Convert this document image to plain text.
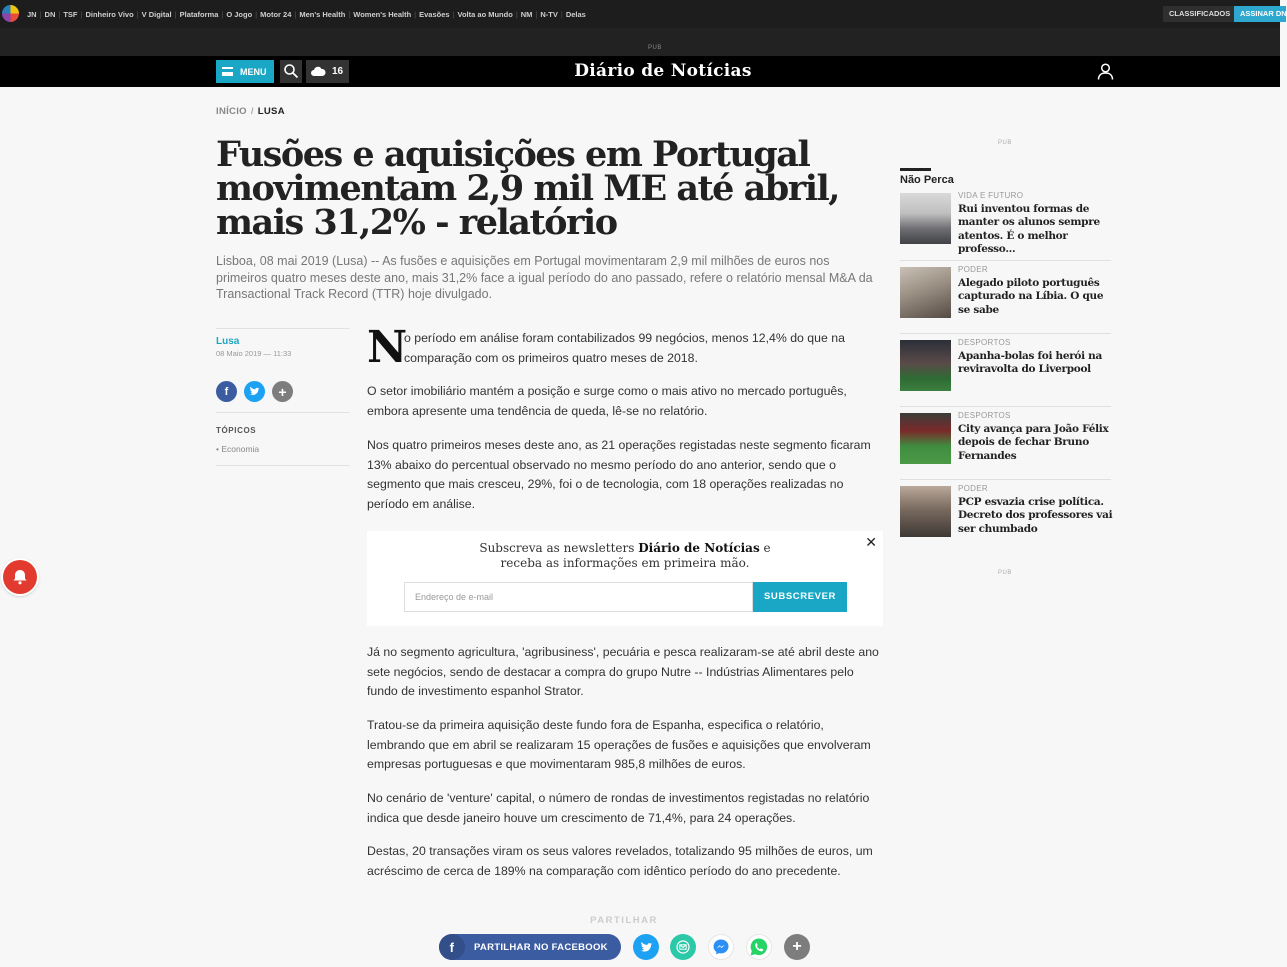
JN | DN | TSF | Dinheiro Vivo | V Digital | Plataforma | O Jogo | Motor 24 | Men's Health | Women's Health | Evasões | Volta ao Mundo | NM | N-TV | Delas	CLASSIFICADOS	ASSINAR DN
PUB
MENU	16	Diário de Notícias
INÍCIO / LUSA
Fusões e aquisições em Portugal movimentam 2,9 mil ME até abril, mais 31,2% - relatório

Lisboa, 08 mai 2019 (Lusa) -- As fusões e aquisições em Portugal movimentaram 2,9 mil milhões de euros nos primeiros quatro meses deste ano, mais 31,2% face a igual período do ano passado, refere o relatório mensal M&A da Transactional Track Record (TTR) hoje divulgado.

Lusa
08 Maio 2019 — 11:33
f	+
TÓPICOS
• Economia
N

o período em análise foram contabilizados 99 negócios, menos 12,4% do que na comparação com os primeiros quatro meses de 2018.

O setor imobiliário mantém a posição e surge como o mais ativo no mercado português, embora apresente uma tendência de queda, lê-se no relatório.

Nos quatro primeiros meses deste ano, as 21 operações registadas neste segmento ficaram 13% abaixo do percentual observado no mesmo período do ano anterior, sendo que o segmento que mais cresceu, 29%, foi o de tecnologia, com 18 operações realizadas no período em análise.

✕
Subscreva as newsletters Diário de Notícias e
receba as informações em primeira mão.
Endereço de e-mail	SUBSCREVER

Já no segmento agricultura, 'agribusiness', pecuária e pesca realizaram-se até abril deste ano sete negócios, sendo de destacar a compra do grupo Nutre -- Indústrias Alimentares pelo fundo de investimento espanhol Strator.

Tratou-se da primeira aquisição deste fundo fora de Espanha, especifica o relatório, lembrando que em abril se realizaram 15 operações de fusões e aquisições que envolveram empresas portuguesas e que movimentaram 985,8 milhões de euros.

No cenário de 'venture' capital, o número de rondas de investimentos registadas no relatório indica que desde janeiro houve um crescimento de 71,4%, para 24 operações.

Destas, 20 transações viram os seus valores revelados, totalizando 95 milhões de euros, um acréscimo de cerca de 189% na comparação com idêntico período do ano precedente.

PARTILHAR
f	PARTILHAR NO FACEBOOK	+
PUB
Não Perca
VIDA E FUTURO
Rui inventou formas de manter os alunos sempre atentos. É o melhor professo...
PODER
Alegado piloto português capturado na Líbia. O que se sabe
DESPORTOS
Apanha-bolas foi herói na reviravolta do Liverpool
DESPORTOS
City avança para João Félix depois de fechar Bruno Fernandes
PODER
PCP esvazia crise política. Decreto dos professores vai ser chumbado
PUB
